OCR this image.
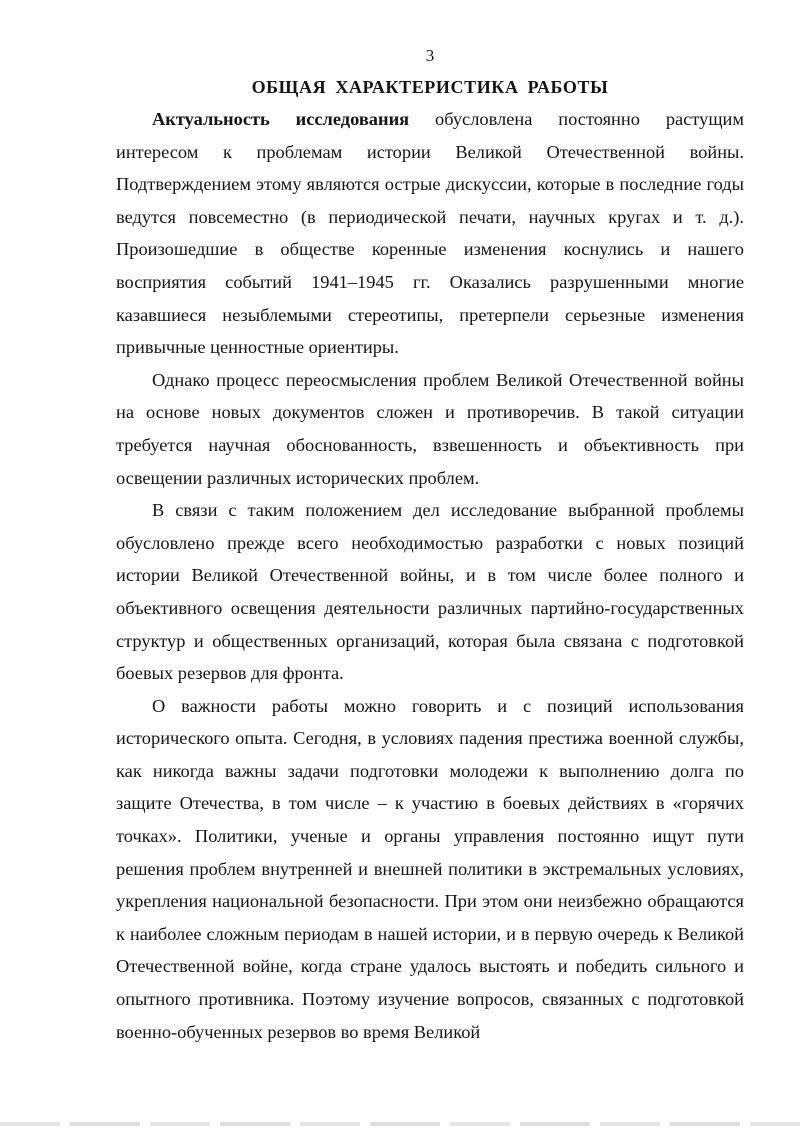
3
ОБЩАЯ ХАРАКТЕРИСТИКА РАБОТЫ

Актуальность исследования обусловлена постоянно растущим интересом к проблемам истории Великой Отечественной войны. Подтверждением этому являются острые дискуссии, которые в последние годы ведутся повсеместно (в периодической печати, научных кругах и т. д.). Произошедшие в обществе коренные изменения коснулись и нашего восприятия событий 1941–1945 гг. Оказались разрушенными многие казавшиеся незыблемыми стереотипы, претерпели серьезные изменения привычные ценностные ориентиры.

Однако процесс переосмысления проблем Великой Отечественной войны на основе новых документов сложен и противоречив. В такой ситуации требуется научная обоснованность, взвешенность и объективность при освещении различных исторических проблем.

В связи с таким положением дел исследование выбранной проблемы обусловлено прежде всего необходимостью разработки с новых позиций истории Великой Отечественной войны, и в том числе более полного и объективного освещения деятельности различных партийно-государственных структур и общественных организаций, которая была связана с подготовкой боевых резервов для фронта.

О важности работы можно говорить и с позиций использования исторического опыта. Сегодня, в условиях падения престижа военной службы, как никогда важны задачи подготовки молодежи к выполнению долга по защите Отечества, в том числе – к участию в боевых действиях в «горячих точках». Политики, ученые и органы управления постоянно ищут пути решения проблем внутренней и внешней политики в экстремальных условиях, укрепления национальной безопасности. При этом они неизбежно обращаются к наиболее сложным периодам в нашей истории, и в первую очередь к Великой Отечественной войне, когда стране удалось выстоять и победить сильного и опытного противника. Поэтому изучение вопросов, связанных с подготовкой военно-обученных резервов во время Великой
